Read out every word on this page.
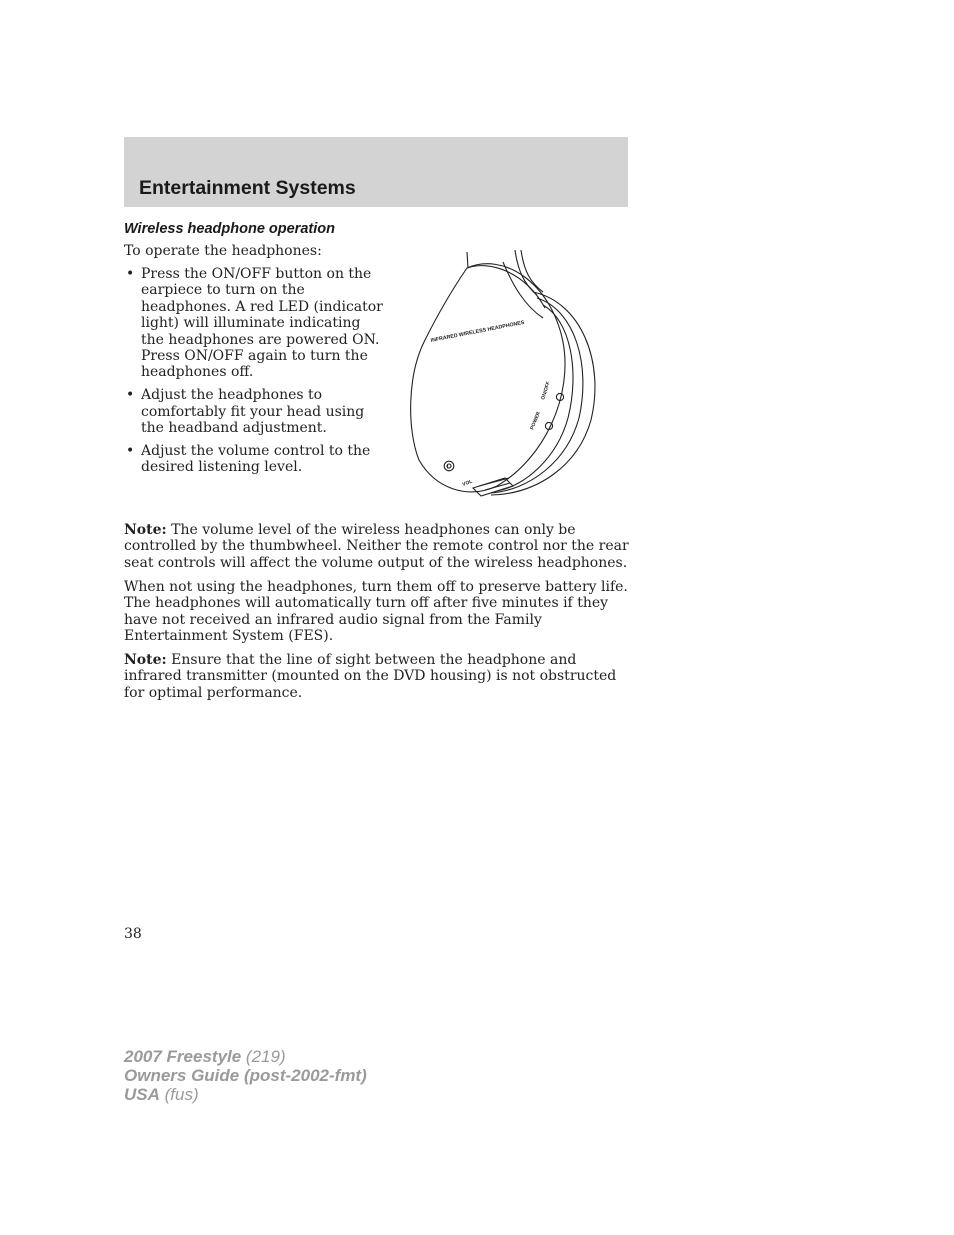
Entertainment Systems
Wireless headphone operation

To operate the headphones:

• Press the ON/OFF button on the earpiece to turn on the headphones. A red LED (indicator light) will illuminate indicating the headphones are powered ON. Press ON/OFF again to turn the headphones off.
• Adjust the headphones to comfortably fit your head using the headband adjustment.
• Adjust the volume control to the desired listening level.
INFRARED WIRELESS HEADPHONES
ON/OFF
POWER
VOL
L

Note: The volume level of the wireless headphones can only be controlled by the thumbwheel. Neither the remote control nor the rear seat controls will affect the volume output of the wireless headphones.

When not using the headphones, turn them off to preserve battery life. The headphones will automatically turn off after five minutes if they have not received an infrared audio signal from the Family Entertainment System (FES).

Note: Ensure that the line of sight between the headphone and infrared transmitter (mounted on the DVD housing) is not obstructed for optimal performance.

38
2007 Freestyle (219)
Owners Guide (post-2002-fmt)
USA (fus)
